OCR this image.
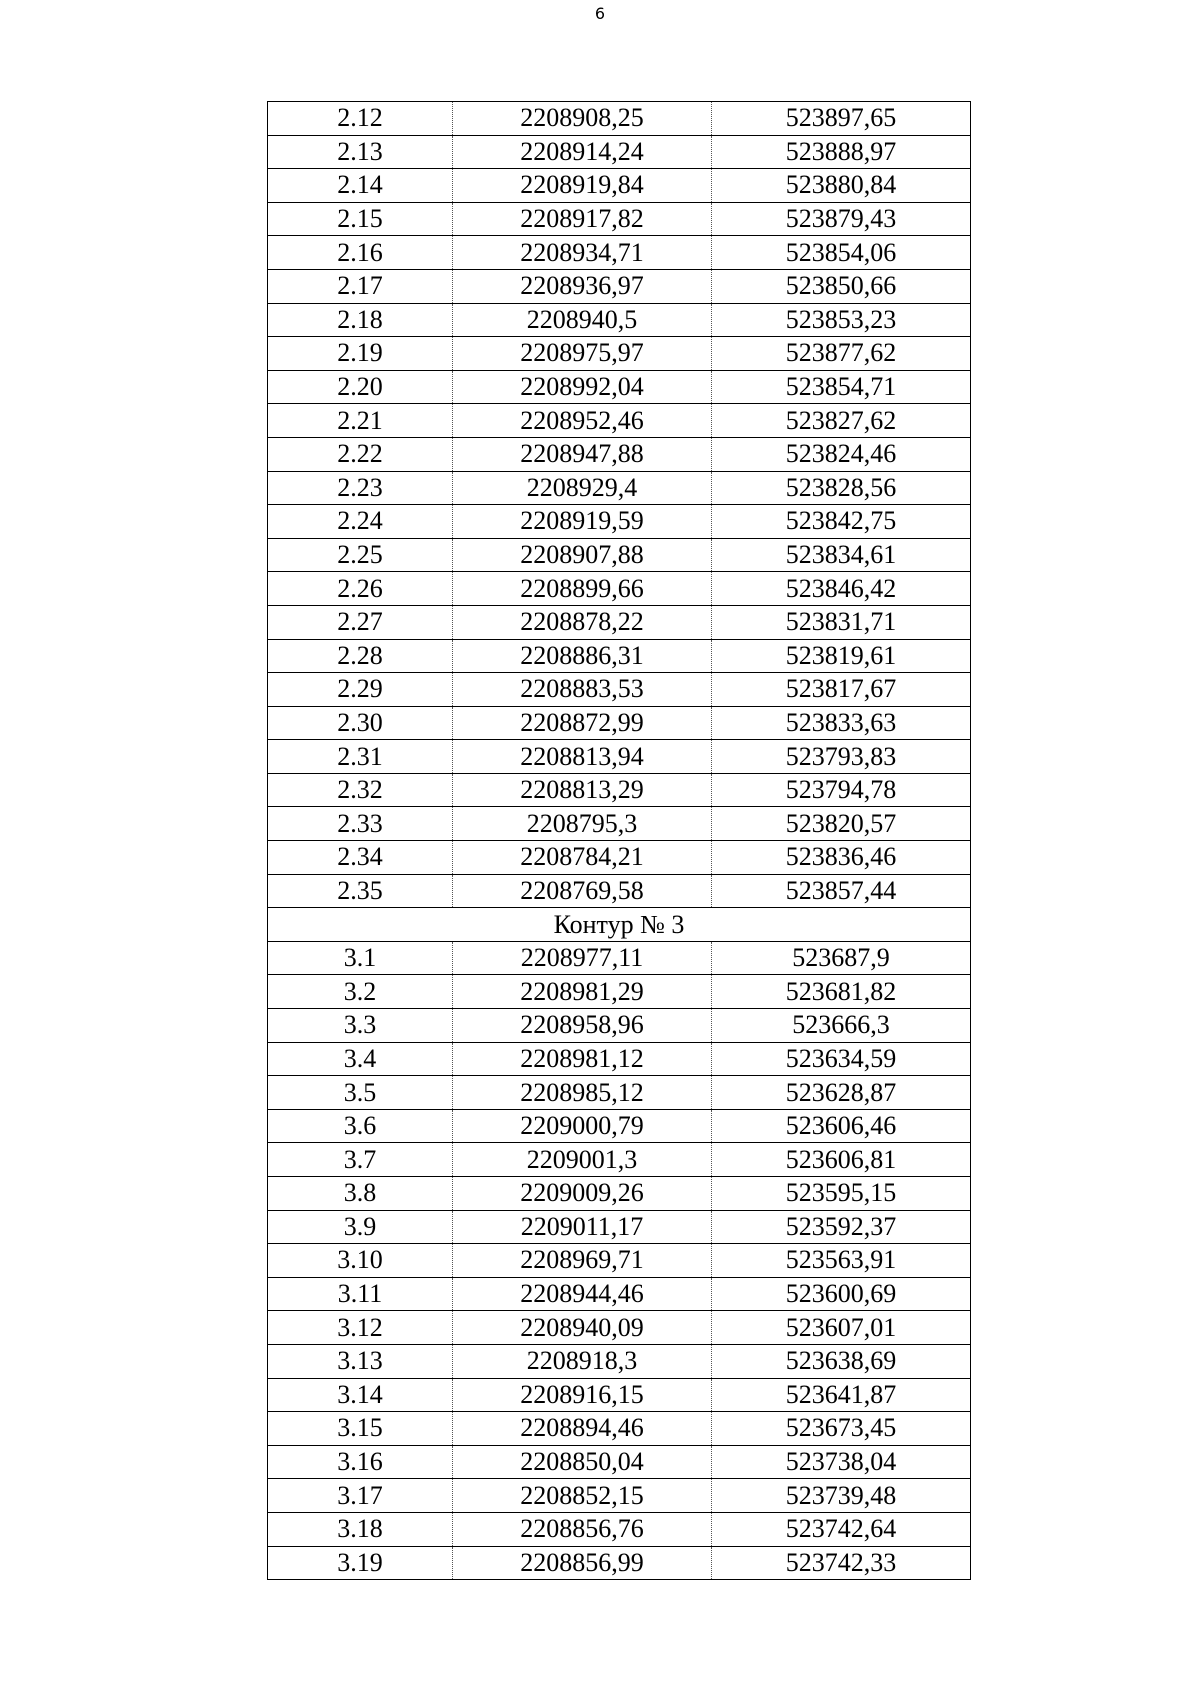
6
2.12	2208908,25	523897,65
2.13	2208914,24	523888,97
2.14	2208919,84	523880,84
2.15	2208917,82	523879,43
2.16	2208934,71	523854,06
2.17	2208936,97	523850,66
2.18	2208940,5	523853,23
2.19	2208975,97	523877,62
2.20	2208992,04	523854,71
2.21	2208952,46	523827,62
2.22	2208947,88	523824,46
2.23	2208929,4	523828,56
2.24	2208919,59	523842,75
2.25	2208907,88	523834,61
2.26	2208899,66	523846,42
2.27	2208878,22	523831,71
2.28	2208886,31	523819,61
2.29	2208883,53	523817,67
2.30	2208872,99	523833,63
2.31	2208813,94	523793,83
2.32	2208813,29	523794,78
2.33	2208795,3	523820,57
2.34	2208784,21	523836,46
2.35	2208769,58	523857,44
Контур № 3		
3.1	2208977,11	523687,9
3.2	2208981,29	523681,82
3.3	2208958,96	523666,3
3.4	2208981,12	523634,59
3.5	2208985,12	523628,87
3.6	2209000,79	523606,46
3.7	2209001,3	523606,81
3.8	2209009,26	523595,15
3.9	2209011,17	523592,37
3.10	2208969,71	523563,91
3.11	2208944,46	523600,69
3.12	2208940,09	523607,01
3.13	2208918,3	523638,69
3.14	2208916,15	523641,87
3.15	2208894,46	523673,45
3.16	2208850,04	523738,04
3.17	2208852,15	523739,48
3.18	2208856,76	523742,64
3.19	2208856,99	523742,33
